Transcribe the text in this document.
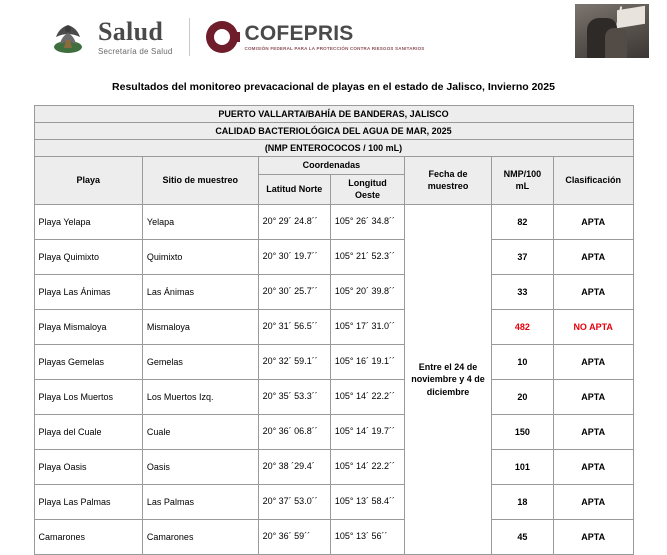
Salud
Secretaría de Salud
COFEPRIS
COMISIÓN FEDERAL PARA LA PROTECCIÓN CONTRA RIESGOS SANITARIOS
Resultados del monitoreo prevacacional de playas en el estado de Jalisco, Invierno 2025
PUERTO VALLARTA/BAHÍA DE BANDERAS, JALISCO						
CALIDAD BACTERIOLÓGICA DEL AGUA DE MAR, 2025						
(NMP ENTEROCOCOS / 100 mL)						
Playa	Sitio de muestreo	Coordenadas		Fecha de muestreo	NMP/100 mL	Clasificación
		Latitud Norte	Longitud Oeste			
Playa Yelapa	Yelapa	20° 29´ 24.8´´	105° 26´ 34.8´´	Entre el 24 de noviembre y 4 de diciembre	82	APTA
Playa Quimixto	Quimixto	20° 30´ 19.7´´	105° 21´ 52.3´´		37	APTA
Playa Las Ánimas	Las Ánimas	20° 30´ 25.7´´	105° 20´ 39.8´´		33	APTA
Playa Mismaloya	Mismaloya	20° 31´ 56.5´´	105° 17´ 31.0´´		482	NO APTA
Playas Gemelas	Gemelas	20° 32´ 59.1´´	105° 16´ 19.1´´		10	APTA
Playa Los Muertos	Los Muertos Izq.	20° 35´ 53.3´´	105° 14´ 22.2´´		20	APTA
Playa del Cuale	Cuale	20° 36´ 06.8´´	105° 14´ 19.7´´		150	APTA
Playa Oasis	Oasis	20° 38 ´29.4´	105° 14´ 22.2´´		101	APTA
Playa Las Palmas	Las Palmas	20° 37´ 53.0´´	105° 13´ 58.4´´		18	APTA
Camarones	Camarones	20° 36´ 59´´	105° 13´ 56´´		45	APTA
